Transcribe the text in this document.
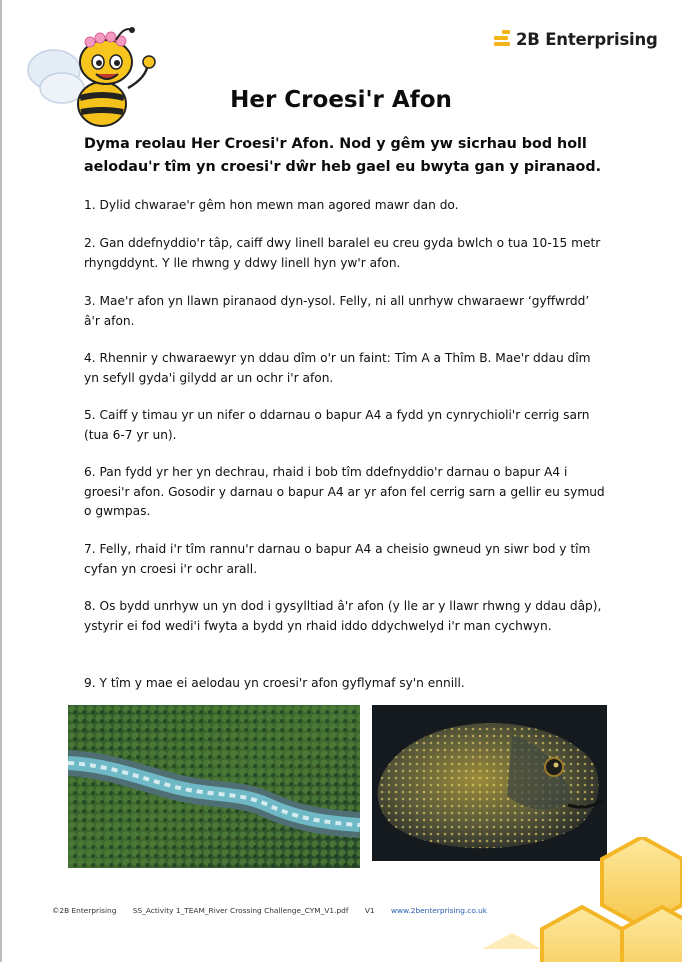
2B Enterprising
Her Croesi'r Afon
Dyma reolau Her Croesi'r Afon. Nod y gêm yw sicrhau bod holl aelodau'r tîm yn croesi'r dŵr heb gael eu bwyta gan y piranaod.
1. Dylid chwarae'r gêm hon mewn man agored mawr dan do.
2. Gan ddefnyddio'r tâp, caiff dwy linell baralel eu creu gyda bwlch o tua 10-15 metr rhyngddynt. Y lle rhwng y ddwy linell hyn yw'r afon.
3. Mae'r afon yn llawn piranaod dyn-ysol. Felly, ni all unrhyw chwaraewr ‘gyffwrdd’ â'r afon.
4. Rhennir y chwaraewyr yn ddau dîm o'r un faint: Tîm A a Thîm B. Mae'r ddau dîm yn sefyll gyda'i gilydd ar un ochr i'r afon.
5. Caiff y timau yr un nifer o ddarnau o bapur A4 a fydd yn cynrychioli'r cerrig sarn (tua 6-7 yr un).
6. Pan fydd yr her yn dechrau, rhaid i bob tîm ddefnyddio'r darnau o bapur A4 i groesi'r afon. Gosodir y darnau o bapur A4 ar yr afon fel cerrig sarn a gellir eu symud o gwmpas.
7. Felly, rhaid i'r tîm rannu'r darnau o bapur A4 a cheisio gwneud yn siwr bod y tîm cyfan yn croesi i'r ochr arall.
8. Os bydd unrhyw un yn dod i gysylltiad â'r afon (y lle ar y llawr rhwng y ddau dâp), ystyrir ei fod wedi'i fwyta a bydd yn rhaid iddo ddychwelyd i'r man cychwyn.
9. Y tîm y mae ei aelodau yn croesi'r afon gyflymaf sy'n ennill.
©2B Enterprising SS_Activity 1_TEAM_River Crossing Challenge_CYM_V1.pdf V1 www.2benterprising.co.uk
